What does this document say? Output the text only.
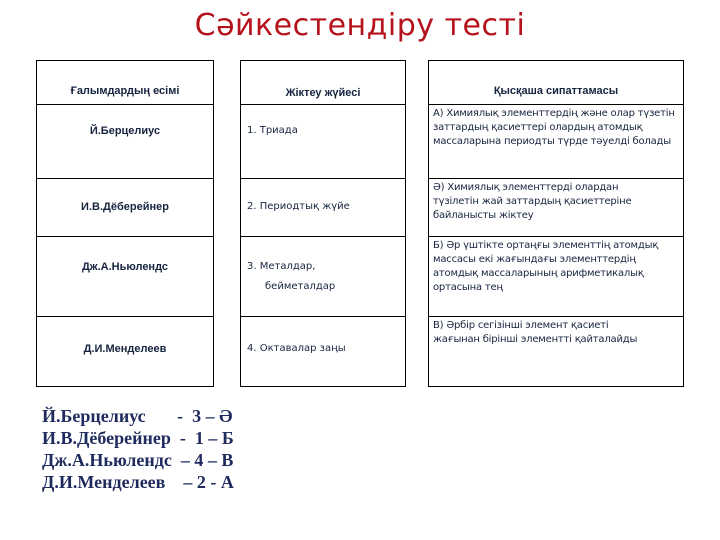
Сәйкестендіру тесті
Ғалымдардың есімі
Й.Берцелиус
И.В.Дёберейнер
Дж.А.Ньюлендс
Д.И.Менделеев
Жіктеу жүйесі
1. Триада
2. Периодтық жүйе
3. Металдар,
бейметалдар
4. Октавалар заңы
Қысқаша сипаттамасы
А) Химиялық элементтердің және олар түзетін заттардың қасиеттері олардың атомдық массаларына периодты түрде тәуелді болады
Ә) Химиялық элементтерді олардан түзілетін жай заттардың қасиеттеріне байланысты жіктеу
Б) Әр үштікте ортаңғы элементтің атомдық массасы екі жағындағы элементтердің атомдық массаларының арифметикалық ортасына тең
В) Әрбір сегізінші элемент қасиеті жағынан бірінші элементті қайталайды
Й.Берцелиус       -  3 – Ә
И.В.Дёберейнер  -  1 – Б
Дж.А.Ньюлендс  – 4 – В
Д.И.Менделеев    – 2 - А
